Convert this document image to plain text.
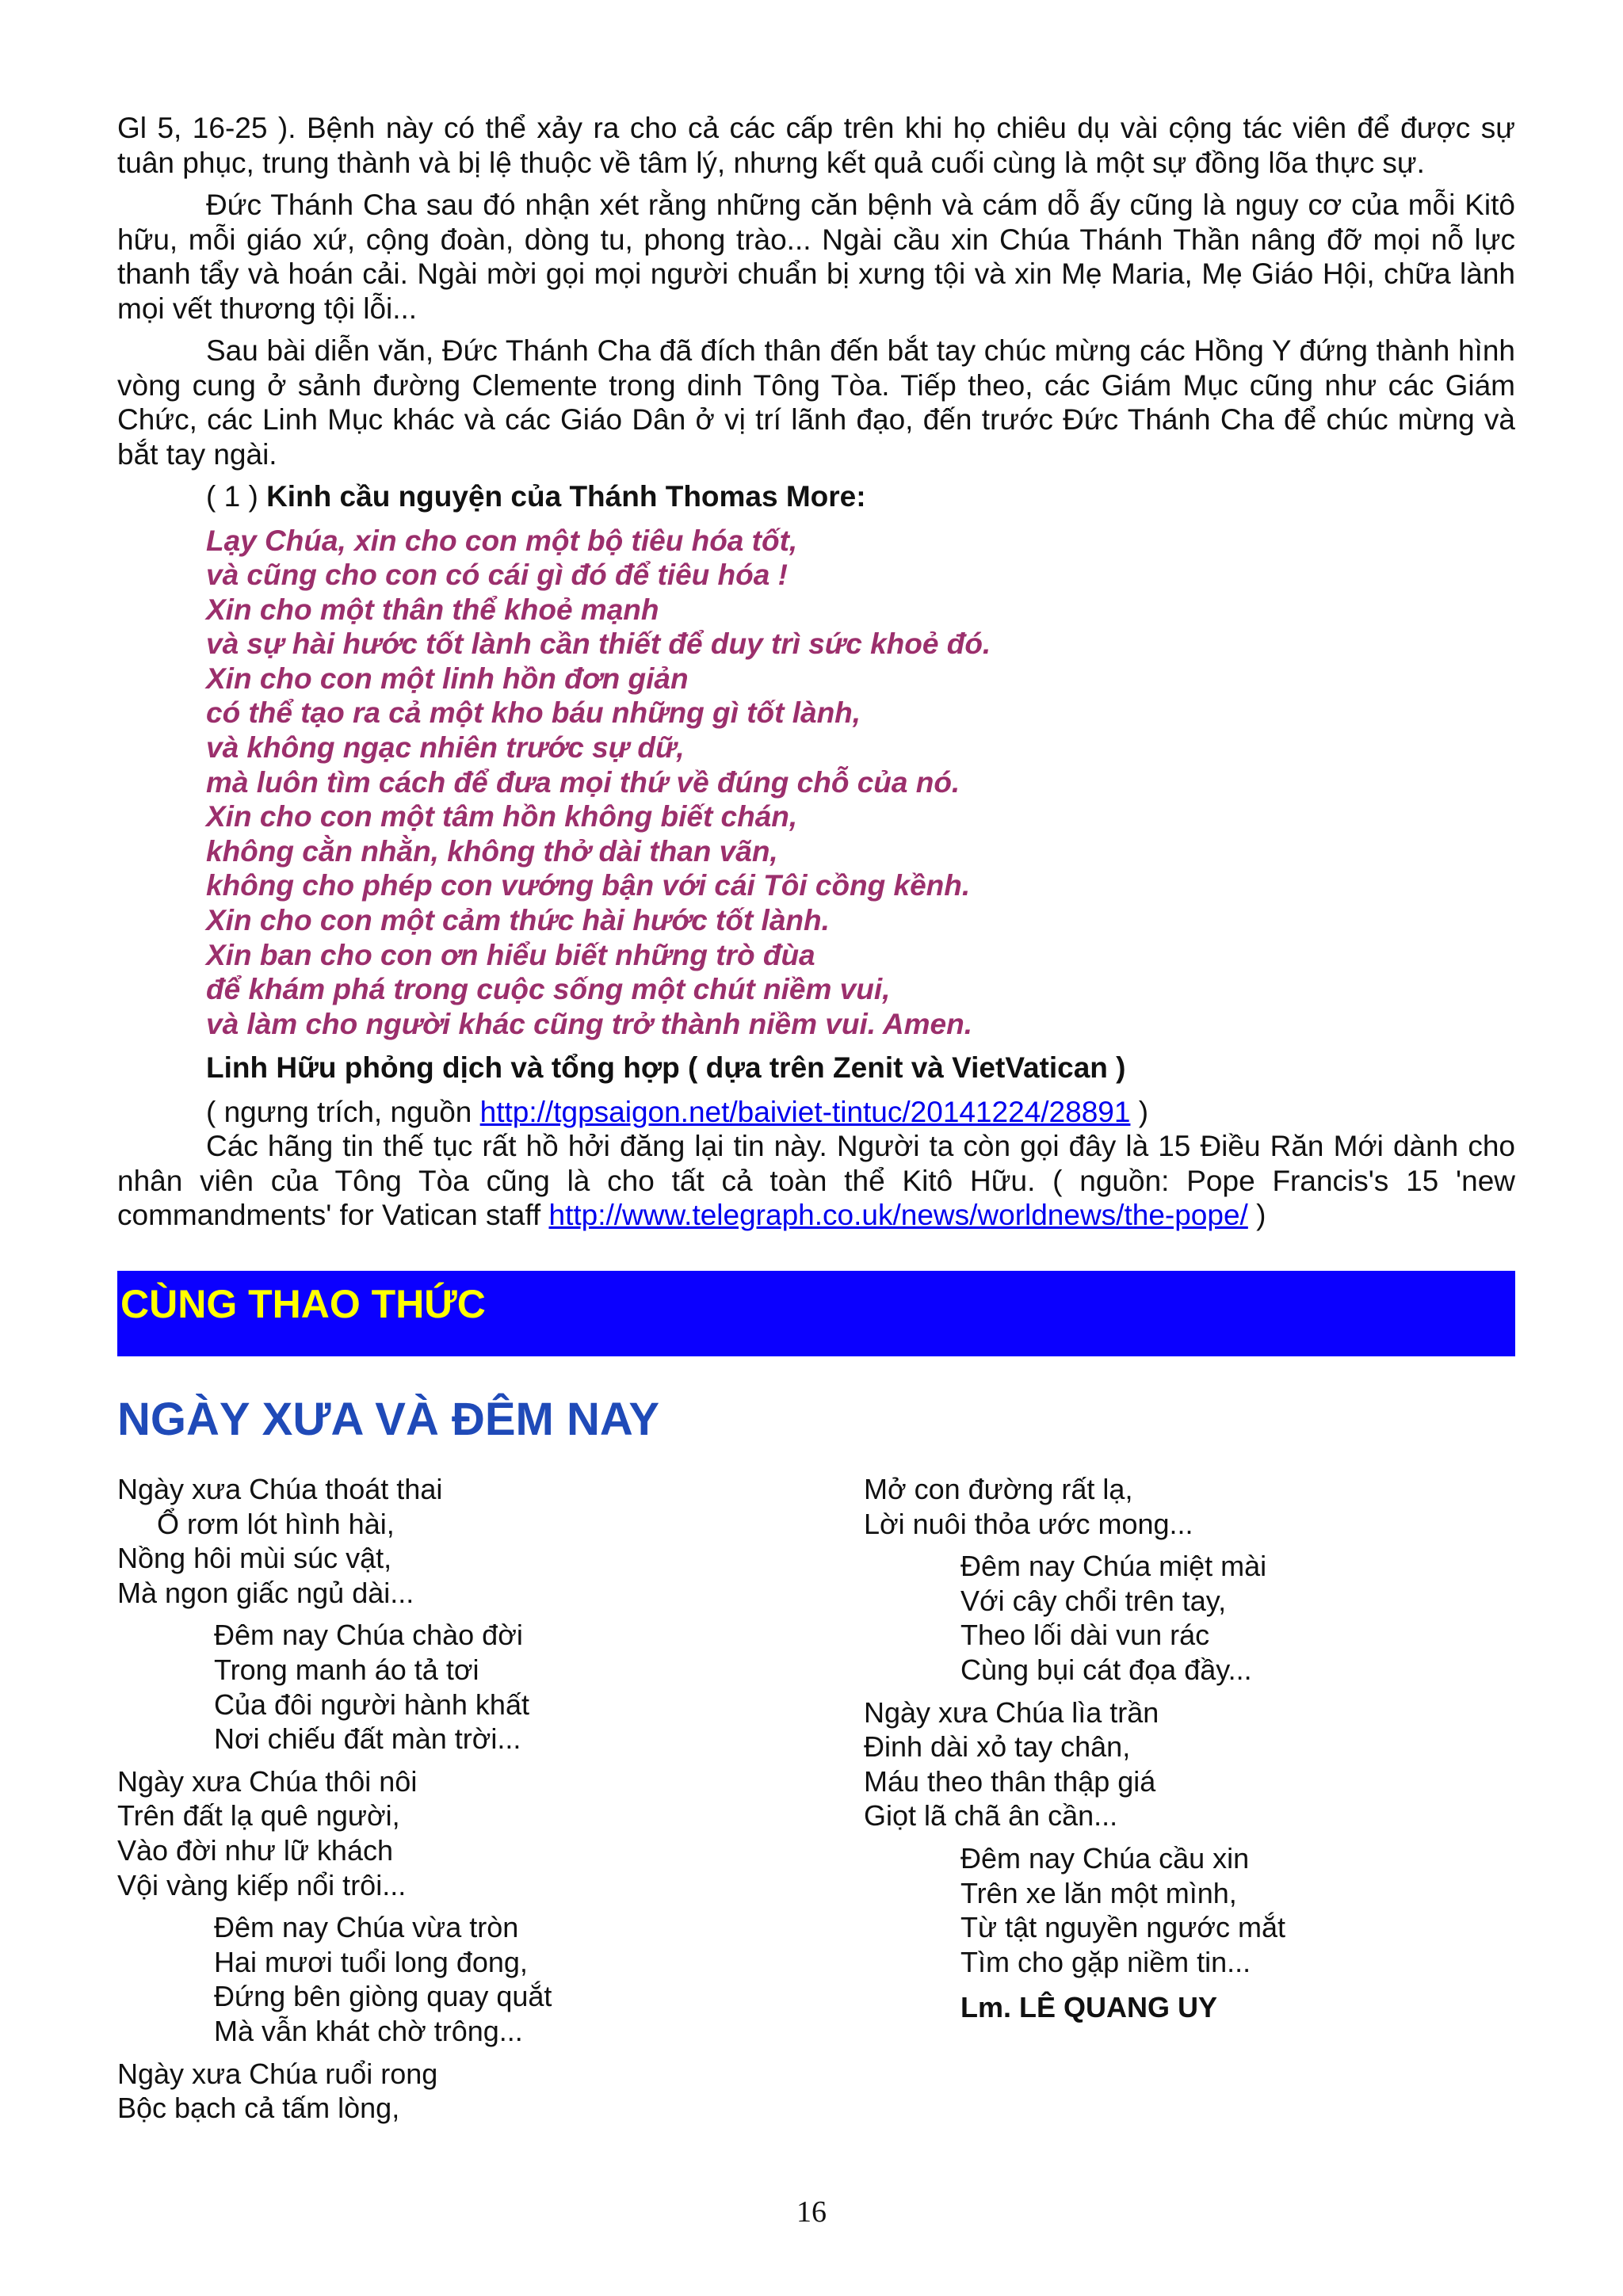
Gl 5, 16-25 ). Bệnh này có thể xảy ra cho cả các cấp trên khi họ chiêu dụ vài cộng tác viên để được sự tuân phục, trung thành và bị lệ thuộc về tâm lý, nhưng kết quả cuối cùng là một sự đồng lõa thực sự.

Đức Thánh Cha sau đó nhận xét rằng những căn bệnh và cám dỗ ấy cũng là nguy cơ của mỗi Kitô hữu, mỗi giáo xứ, cộng đoàn, dòng tu, phong trào... Ngài cầu xin Chúa Thánh Thần nâng đỡ mọi nỗ lực thanh tẩy và hoán cải. Ngài mời gọi mọi người chuẩn bị xưng tội và xin Mẹ Maria, Mẹ Giáo Hội, chữa lành mọi vết thương tội lỗi...

Sau bài diễn văn, Đức Thánh Cha đã đích thân đến bắt tay chúc mừng các Hồng Y đứng thành hình vòng cung ở sảnh đường Clemente trong dinh Tông Tòa. Tiếp theo, các Giám Mục cũng như các Giám Chức, các Linh Mục khác và các Giáo Dân ở vị trí lãnh đạo, đến trước Đức Thánh Cha để chúc mừng và bắt tay ngài.

( 1 ) Kinh cầu nguyện của Thánh Thomas More:

Lạy Chúa, xin cho con một bộ tiêu hóa tốt,
và cũng cho con có cái gì đó để tiêu hóa !
Xin cho một thân thể khoẻ mạnh
và sự hài hước tốt lành cần thiết để duy trì sức khoẻ đó.
Xin cho con một linh hồn đơn giản
có thể tạo ra cả một kho báu những gì tốt lành,
và không ngạc nhiên trước sự dữ,
mà luôn tìm cách để đưa mọi thứ về đúng chỗ của nó.
Xin cho con một tâm hồn không biết chán,
không cằn nhằn, không thở dài than vãn,
không cho phép con vướng bận với cái Tôi cồng kềnh.
Xin cho con một cảm thức hài hước tốt lành.
Xin ban cho con ơn hiểu biết những trò đùa
để khám phá trong cuộc sống một chút niềm vui,
và làm cho người khác cũng trở thành niềm vui. Amen.

Linh Hữu phỏng dịch và tổng hợp ( dựa trên Zenit và VietVatican )

( ngưng trích, nguồn http://tgpsaigon.net/baiviet-tintuc/20141224/28891 )

Các hãng tin thế tục rất hồ hởi đăng lại tin này. Người ta còn gọi đây là 15 Điều Răn Mới dành cho nhân viên của Tông Tòa cũng là cho tất cả toàn thể Kitô Hữu. ( nguồn: Pope Francis's 15 'new commandments' for Vatican staff http://www.telegraph.co.uk/news/worldnews/the-pope/ )

CÙNG THAO THỨC
NGÀY XƯA VÀ ĐÊM NAY
Ngày xưa Chúa thoát thai
Ổ rơm lót hình hài,
Nồng hôi mùi súc vật,
Mà ngon giấc ngủ dài...
Đêm nay Chúa chào đời
Trong manh áo tả tơi
Của đôi người hành khất
Nơi chiếu đất màn trời...
Ngày xưa Chúa thôi nôi
Trên đất lạ quê người,
Vào đời như lữ khách
Vội vàng kiếp nổi trôi...
Đêm nay Chúa vừa tròn
Hai mươi tuổi long đong,
Đứng bên giòng quay quắt
Mà vẫn khát chờ trông...
Ngày xưa Chúa ruổi rong
Bộc bạch cả tấm lòng,
Mở con đường rất lạ,
Lời nuôi thỏa ước mong...
Đêm nay Chúa miệt mài
Với cây chổi trên tay,
Theo lối dài vun rác
Cùng bụi cát đọa đầy...
Ngày xưa Chúa lìa trần
Đinh dài xỏ tay chân,
Máu theo thân thập giá
Giọt lã chã ân cần...
Đêm nay Chúa cầu xin
Trên xe lăn một mình,
Từ tật nguyền ngước mắt
Tìm cho gặp niềm tin...
Lm. LÊ QUANG UY
16
